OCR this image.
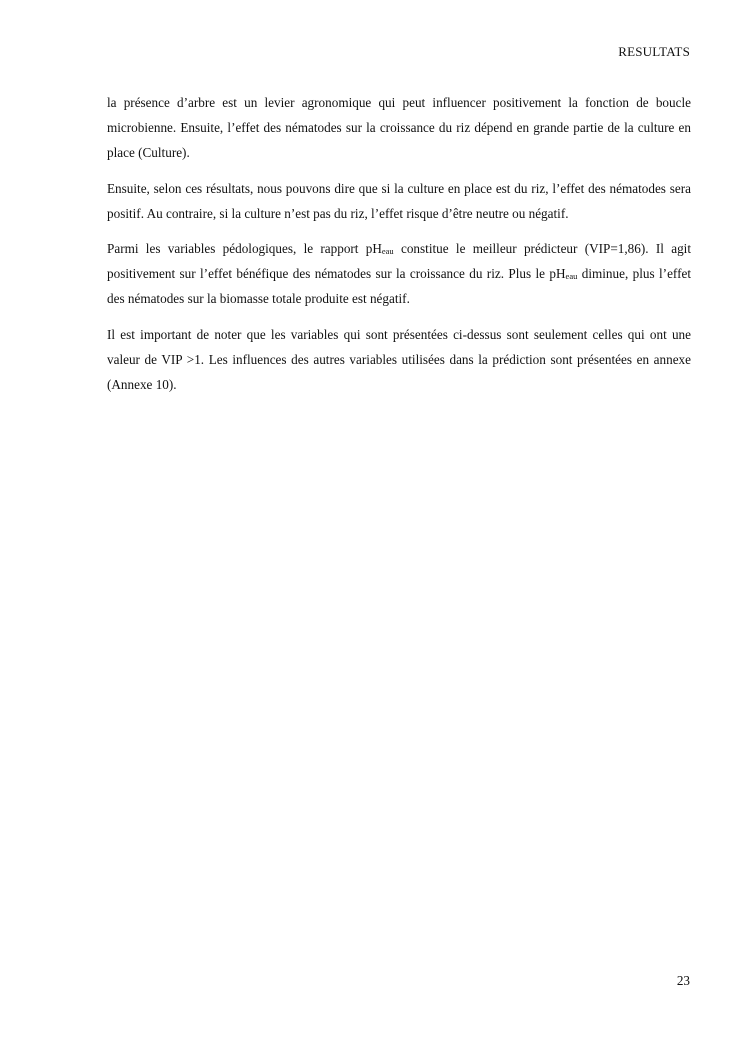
RESULTATS

la présence d’arbre est un levier agronomique qui peut influencer positivement la fonction de boucle microbienne. Ensuite, l’effet des nématodes sur la croissance du riz dépend en grande partie de la culture en place (Culture).

Ensuite, selon ces résultats, nous pouvons dire que si la culture en place est du riz, l’effet des nématodes sera positif. Au contraire, si la culture n’est pas du riz, l’effet risque d’être neutre ou négatif.

Parmi les variables pédologiques, le rapport pHeau constitue le meilleur prédicteur (VIP=1,86). Il agit positivement sur l’effet bénéfique des nématodes sur la croissance du riz. Plus le pHeau diminue, plus l’effet des nématodes sur la biomasse totale produite est négatif.

Il est important de noter que les variables qui sont présentées ci-dessus sont seulement celles qui ont une valeur de VIP >1. Les influences des autres variables utilisées dans la prédiction sont présentées en annexe (Annexe 10).

23
